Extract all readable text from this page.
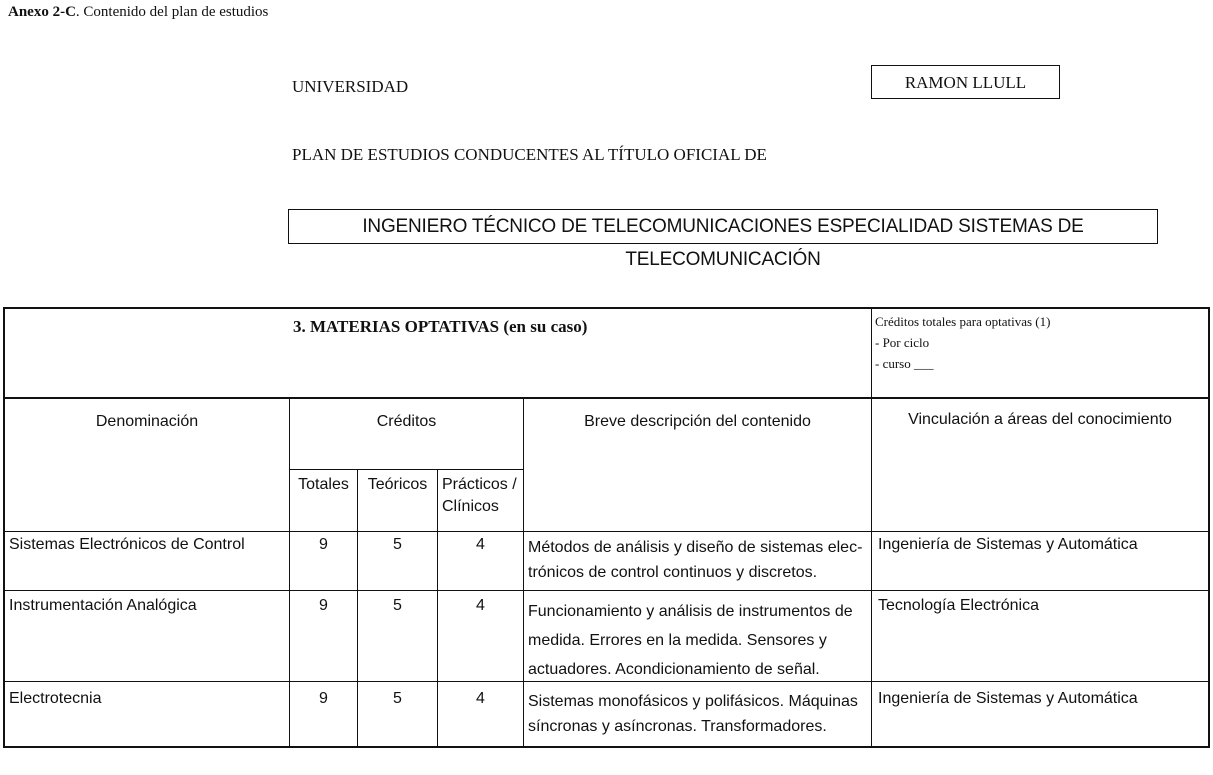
Anexo 2-C. Contenido del plan de estudios
UNIVERSIDAD	RAMON LLULL
PLAN DE ESTUDIOS CONDUCENTES AL TÍTULO OFICIAL DE
INGENIERO TÉCNICO DE TELECOMUNICACIONES ESPECIALIDAD SISTEMAS DE TELECOMUNICACIÓN
3. MATERIAS OPTATIVAS (en su caso)	Créditos totales para optativas (1)
- Por ciclo
- curso ___
Denominación	Créditos	Breve descripción del contenido	Vinculación a áreas del conocimiento
Totales	Teóricos Prácticos /
Clínicos
Sistemas Electrónicos de Control	9	5	4	Métodos de análisis y diseño de sistemas elec-
trónicos de control continuos y discretos.
Ingeniería de Sistemas y Automática
Instrumentación Analógica	9	5	4	Funcionamiento y análisis de instrumentos de
medida. Errores en la medida. Sensores y
actuadores. Acondicionamiento de señal.
Tecnología Electrónica
Electrotecnia	9	5	4	Sistemas monofásicos y polifásicos. Máquinas
síncronas y asíncronas. Transformadores.
Ingeniería de Sistemas y Automática
